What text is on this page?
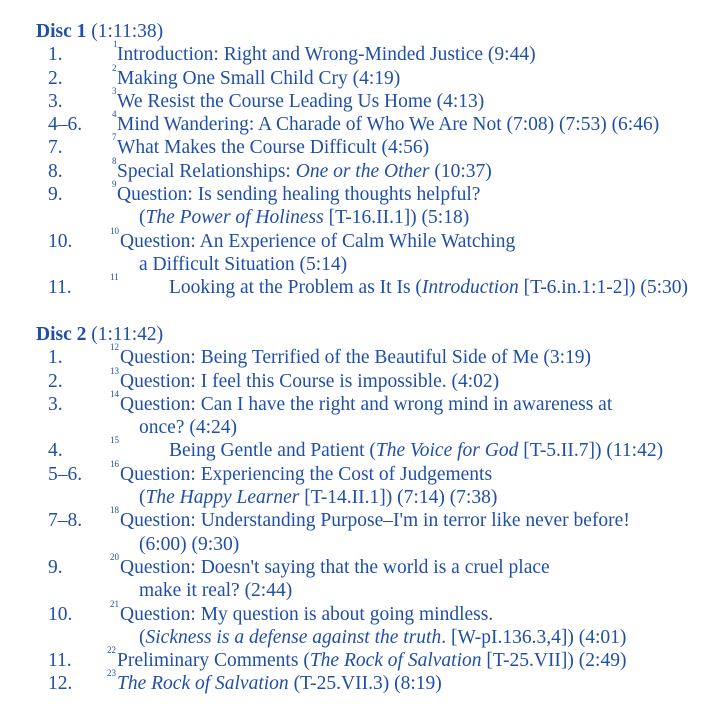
Disc 1 (1:11:38)
1.	1 Introduction: Right and Wrong-Minded Justice (9:44)
2.	2 Making One Small Child Cry (4:19)
3.	3 We Resist the Course Leading Us Home (4:13)
4–6.	4 Mind Wandering: A Charade of Who We Are Not (7:08) (7:53) (6:46)
7.	7 What Makes the Course Difficult (4:56)
8.	8 Special Relationships: One or the Other (10:37)
9.	9 Question: Is sending healing thoughts helpful?
(The Power of Holiness [T-16.II.1]) (5:18)
10.	10 Question: An Experience of Calm While Watching
a Difficult Situation (5:14)
11.	11	Looking at the Problem as It Is (Introduction [T-6.in.1:1-2]) (5:30)
Disc 2 (1:11:42)
1.	12 Question: Being Terrified of the Beautiful Side of Me (3:19)
2.	13 Question: I feel this Course is impossible. (4:02)
3.	14 Question: Can I have the right and wrong mind in awareness at
once? (4:24)
4.	15	Being Gentle and Patient (The Voice for God [T-5.II.7]) (11:42)
5–6.	16 Question: Experiencing the Cost of Judgements
(The Happy Learner [T-14.II.1]) (7:14) (7:38)
7–8.	18 Question: Understanding Purpose–I'm in terror like never before!
(6:00) (9:30)
9.	20 Question: Doesn't saying that the world is a cruel place
make it real? (2:44)
10.	21 Question: My question is about going mindless.
(Sickness is a defense against the truth. [W-pI.136.3,4]) (4:01)
11.	22 Preliminary Comments (The Rock of Salvation [T-25.VII]) (2:49)
12.	23 The Rock of Salvation (T-25.VII.3) (8:19)
